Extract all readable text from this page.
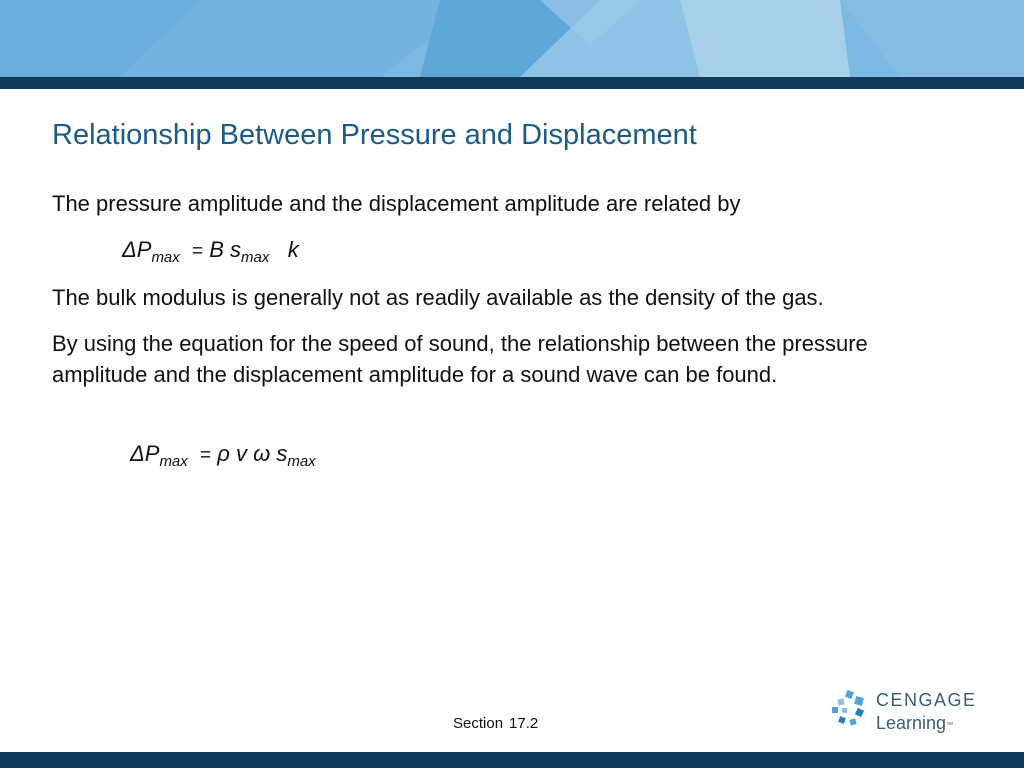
Relationship Between Pressure and Displacement

The pressure amplitude and the displacement amplitude are related by

$\Delta P_{max} = B$ $s_{max}$ k

The bulk modulus is generally not as readily available as the density of the gas.

By using the equation for the speed of sound, the relationship between the pressure amplitude and the displacement amplitude for a sound wave can be found.

$\Delta P_{max} = \rho$ v ω $s_{max}$
Section 17.2
CENGAGE
Learning™
